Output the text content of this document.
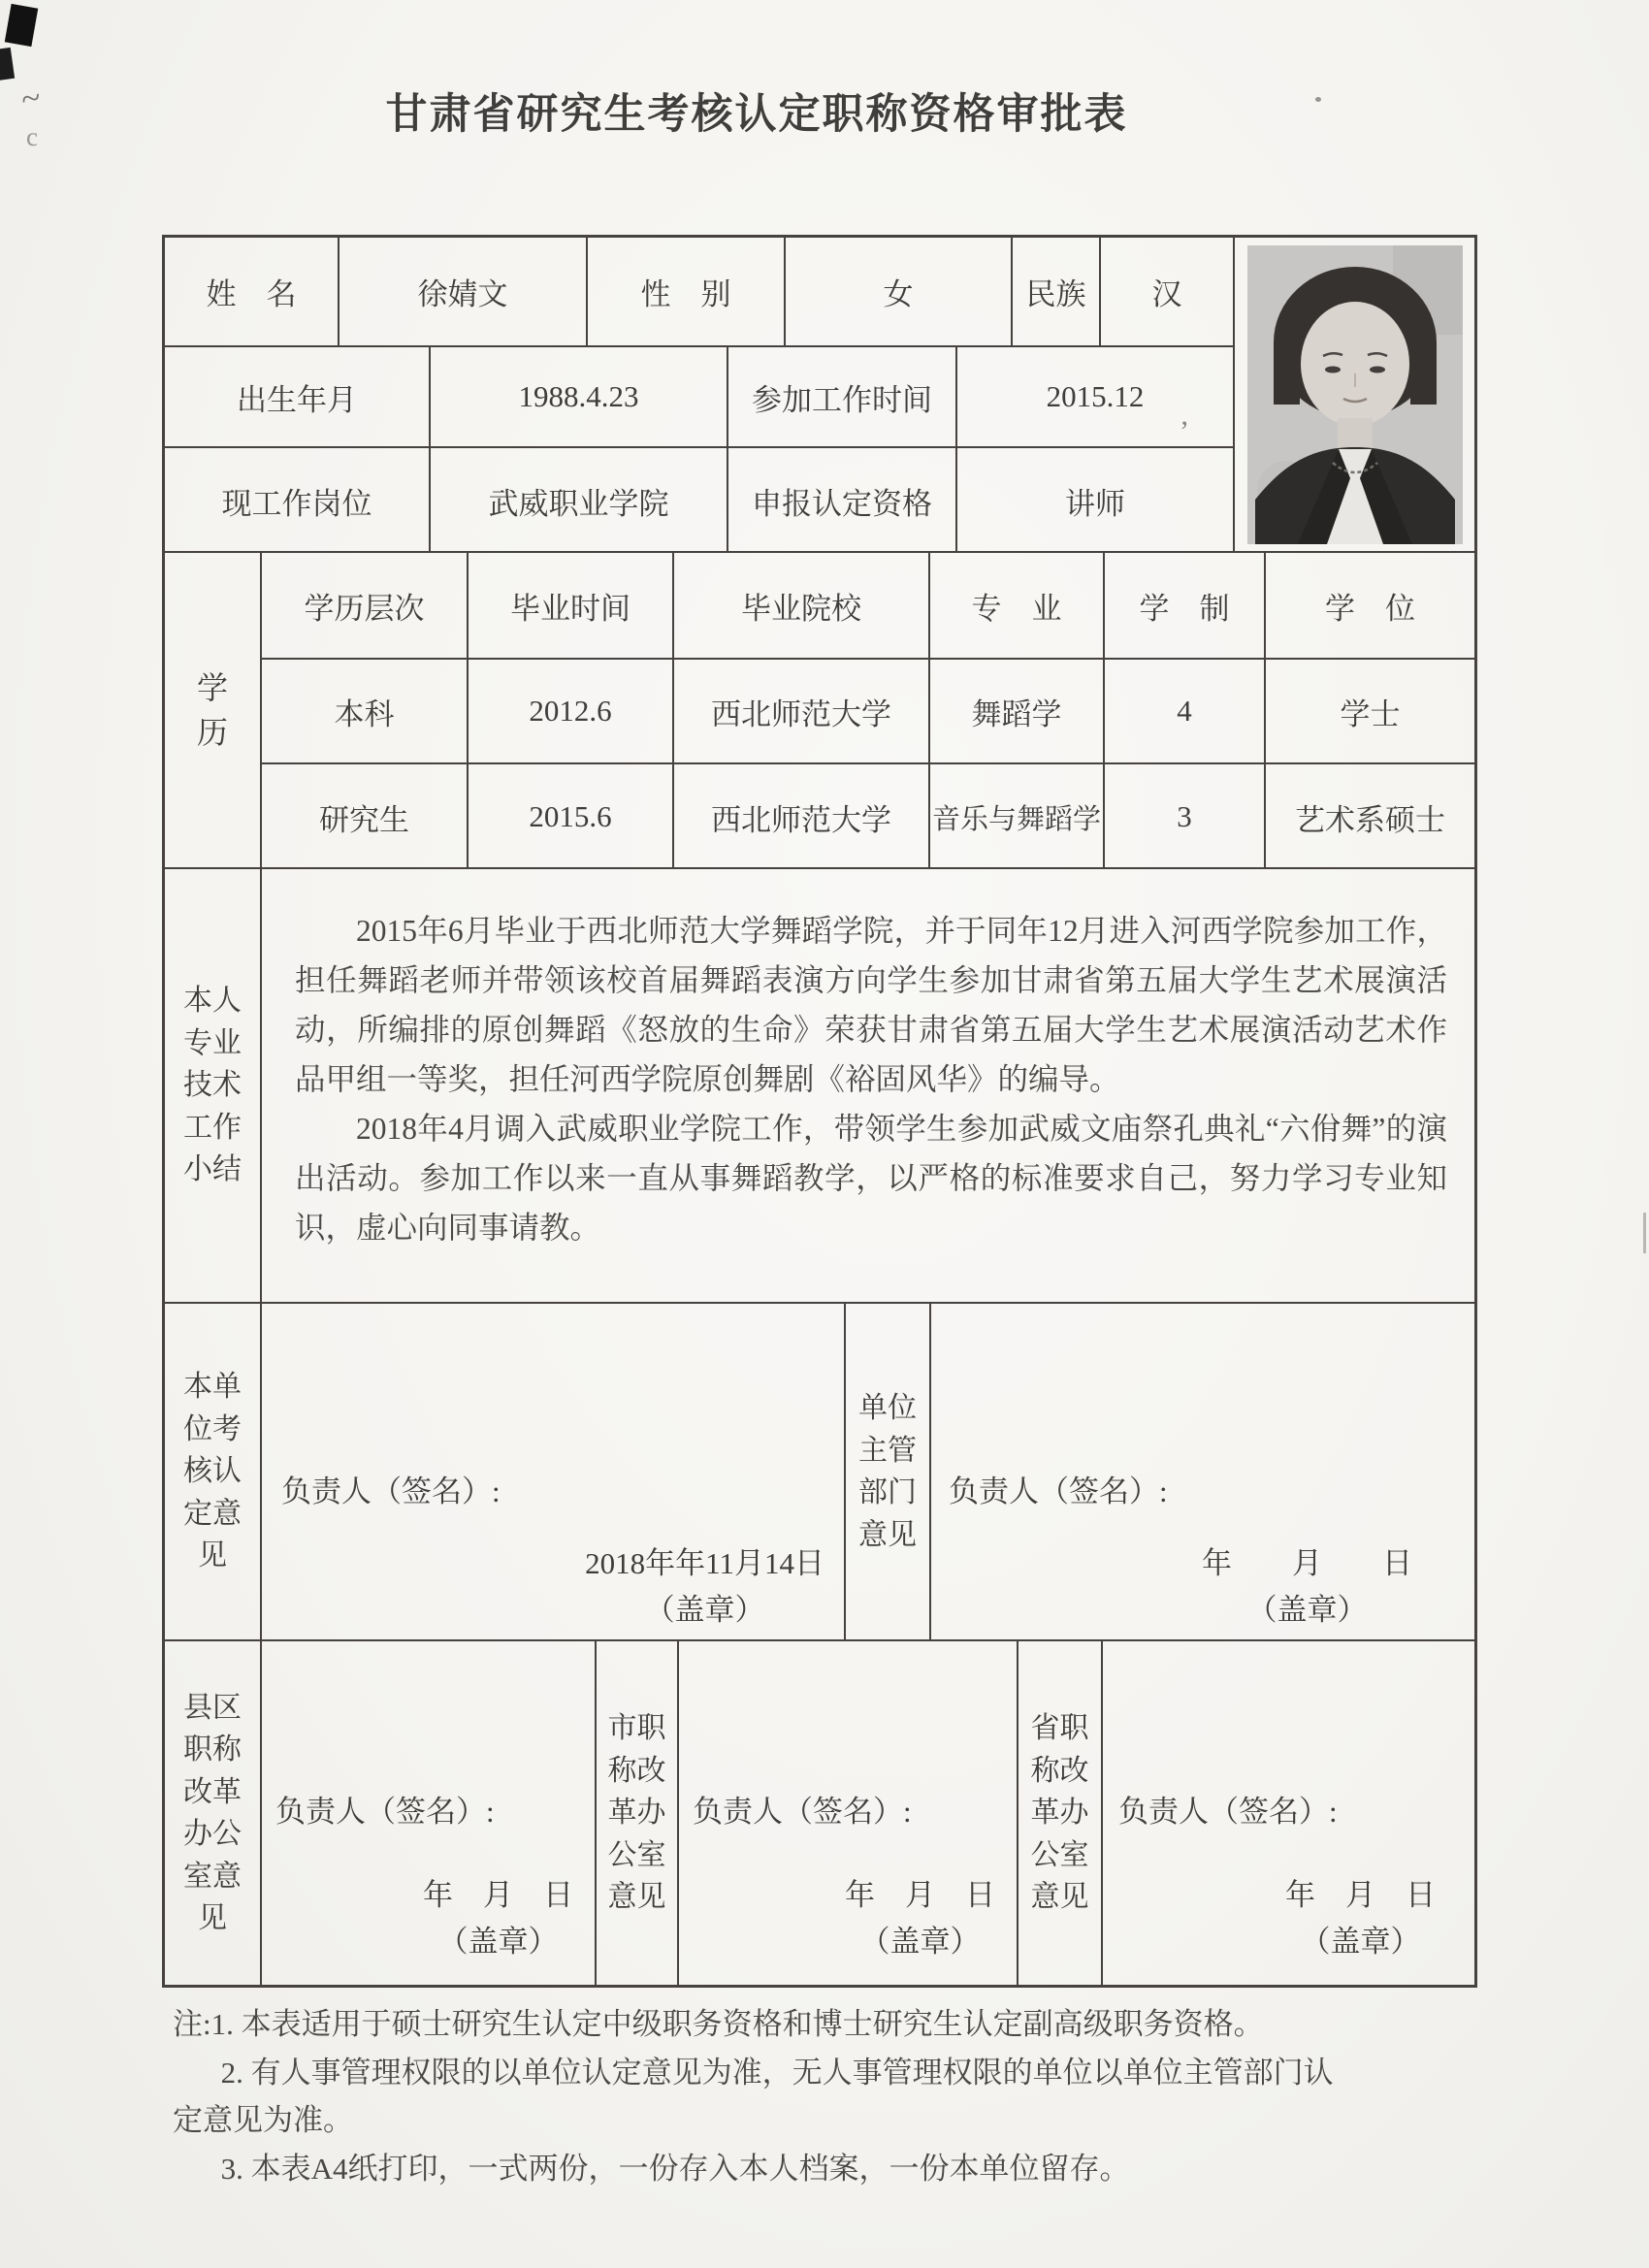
~
c
’
甘肃省研究生考核认定职称资格审批表
姓　名	徐婧文	性　别	女	民族	汉
出生年月	1988.4.23	参加工作时间	2015.12
现工作岗位	武威职业学院	申报认定资格	讲师
学历
学历层次	毕业时间	毕业院校	专　业	学　制	学　位
本科	2012.6	西北师范大学	舞蹈学	4	学士
研究生	2015.6	西北师范大学	音乐与舞蹈学	3	艺术系硕士
本人专业技术工作小结

2015年6月毕业于西北师范大学舞蹈学院，并于同年12月进入河西学院参加工作，担任舞蹈老师并带领该校首届舞蹈表演方向学生参加甘肃省第五届大学生艺术展演活动，所编排的原创舞蹈《怒放的生命》荣获甘肃省第五届大学生艺术展演活动艺术作品甲组一等奖，担任河西学院原创舞剧《裕固风华》的编导。

2018年4月调入武威职业学院工作，带领学生参加武威文庙祭孔典礼“六佾舞”的演出活动。参加工作以来一直从事舞蹈教学，以严格的标准要求自己，努力学习专业知识，虚心向同事请教。

本单位考核认定意见
负责人（签名）:
2018年年11月14日
（盖章）
单位主管部门意见
负责人（签名）:
年　　月　　日
（盖章）
县区职称改革办公室意见
负责人（签名）:
年　月　日
（盖章）
市职称改革办公室意见
负责人（签名）:
年　月　日
（盖章）
省职称改革办公室意见
负责人（签名）:
年　月　日
（盖章）
注:1. 本表适用于硕士研究生认定中级职务资格和博士研究生认定副高级职务资格。
2. 有人事管理权限的以单位认定意见为准，无人事管理权限的单位以单位主管部门认定意见为准。
3. 本表A4纸打印，一式两份，一份存入本人档案，一份本单位留存。
